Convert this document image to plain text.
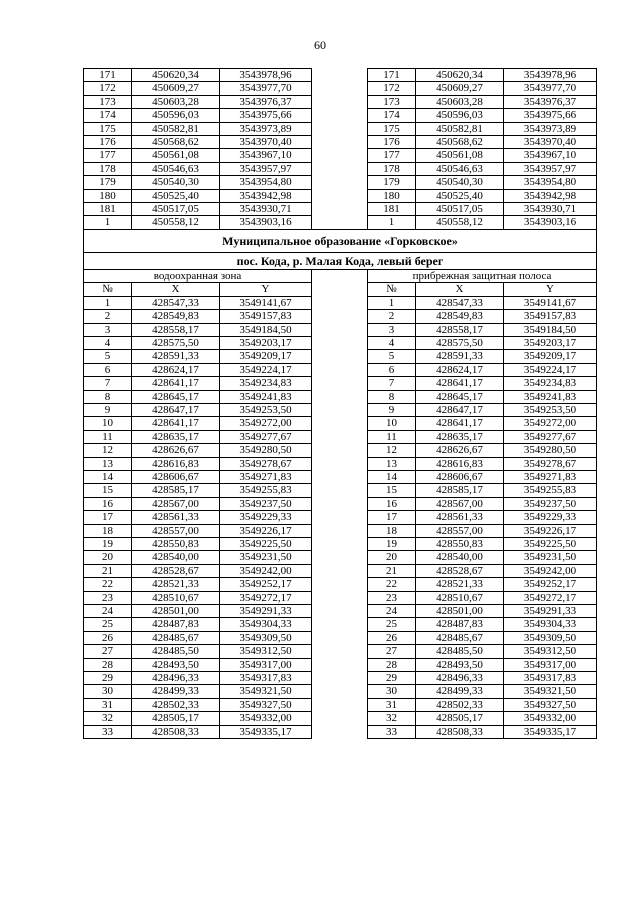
60
171	450620,34	3543978,96		171	450620,34	3543978,96
172	450609,27	3543977,70		172	450609,27	3543977,70
173	450603,28	3543976,37		173	450603,28	3543976,37
174	450596,03	3543975,66		174	450596,03	3543975,66
175	450582,81	3543973,89		175	450582,81	3543973,89
176	450568,62	3543970,40		176	450568,62	3543970,40
177	450561,08	3543967,10		177	450561,08	3543967,10
178	450546,63	3543957,97		178	450546,63	3543957,97
179	450540,30	3543954,80		179	450540,30	3543954,80
180	450525,40	3543942,98		180	450525,40	3543942,98
181	450517,05	3543930,71		181	450517,05	3543930,71
1	450558,12	3543903,16		1	450558,12	3543903,16
Муниципальное образование «Горковское»						
пос. Кода, р. Малая Кода, левый берег						
водоохранная зона				прибрежная защитная полоса		
№	X	Y		№	X	Y
1	428547,33	3549141,67		1	428547,33	3549141,67
2	428549,83	3549157,83		2	428549,83	3549157,83
3	428558,17	3549184,50		3	428558,17	3549184,50
4	428575,50	3549203,17		4	428575,50	3549203,17
5	428591,33	3549209,17		5	428591,33	3549209,17
6	428624,17	3549224,17		6	428624,17	3549224,17
7	428641,17	3549234,83		7	428641,17	3549234,83
8	428645,17	3549241,83		8	428645,17	3549241,83
9	428647,17	3549253,50		9	428647,17	3549253,50
10	428641,17	3549272,00		10	428641,17	3549272,00
11	428635,17	3549277,67		11	428635,17	3549277,67
12	428626,67	3549280,50		12	428626,67	3549280,50
13	428616,83	3549278,67		13	428616,83	3549278,67
14	428606,67	3549271,83		14	428606,67	3549271,83
15	428585,17	3549255,83		15	428585,17	3549255,83
16	428567,00	3549237,50		16	428567,00	3549237,50
17	428561,33	3549229,33		17	428561,33	3549229,33
18	428557,00	3549226,17		18	428557,00	3549226,17
19	428550,83	3549225,50		19	428550,83	3549225,50
20	428540,00	3549231,50		20	428540,00	3549231,50
21	428528,67	3549242,00		21	428528,67	3549242,00
22	428521,33	3549252,17		22	428521,33	3549252,17
23	428510,67	3549272,17		23	428510,67	3549272,17
24	428501,00	3549291,33		24	428501,00	3549291,33
25	428487,83	3549304,33		25	428487,83	3549304,33
26	428485,67	3549309,50		26	428485,67	3549309,50
27	428485,50	3549312,50		27	428485,50	3549312,50
28	428493,50	3549317,00		28	428493,50	3549317,00
29	428496,33	3549317,83		29	428496,33	3549317,83
30	428499,33	3549321,50		30	428499,33	3549321,50
31	428502,33	3549327,50		31	428502,33	3549327,50
32	428505,17	3549332,00		32	428505,17	3549332,00
33	428508,33	3549335,17		33	428508,33	3549335,17
